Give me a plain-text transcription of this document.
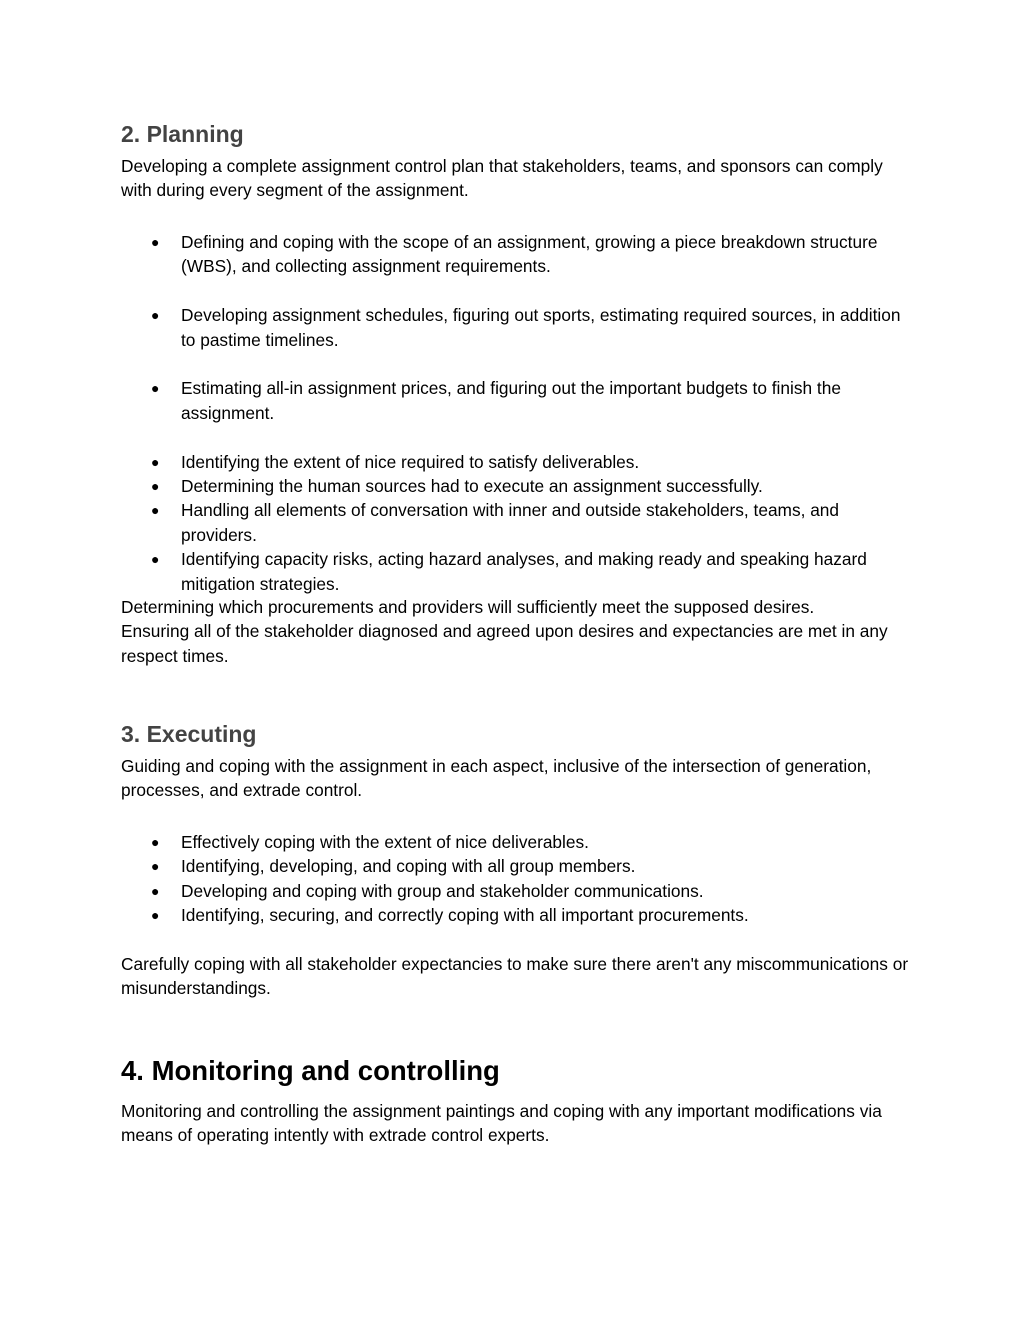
2. Planning

Developing a complete assignment control plan that stakeholders, teams, and sponsors can comply with during every segment of the assignment.

● Defining and coping with the scope of an assignment, growing a piece breakdown structure (WBS), and collecting assignment requirements.
● Developing assignment schedules, figuring out sports, estimating required sources, in addition to pastime timelines.
● Estimating all-in assignment prices, and figuring out the important budgets to finish the assignment.
● Identifying the extent of nice required to satisfy deliverables.
● Determining the human sources had to execute an assignment successfully.
● Handling all elements of conversation with inner and outside stakeholders, teams, and providers.
● Identifying capacity risks, acting hazard analyses, and making ready and speaking hazard mitigation strategies.

Determining which procurements and providers will sufficiently meet the supposed desires.

Ensuring all of the stakeholder diagnosed and agreed upon desires and expectancies are met in any respect times.

3. Executing

Guiding and coping with the assignment in each aspect, inclusive of the intersection of generation, processes, and extrade control.

● Effectively coping with the extent of nice deliverables.
● Identifying, developing, and coping with all group members.
● Developing and coping with group and stakeholder communications.
● Identifying, securing, and correctly coping with all important procurements.

Carefully coping with all stakeholder expectancies to make sure there aren't any miscommunications or misunderstandings.

4. Monitoring and controlling

Monitoring and controlling the assignment paintings and coping with any important modifications via means of operating intently with extrade control experts.
